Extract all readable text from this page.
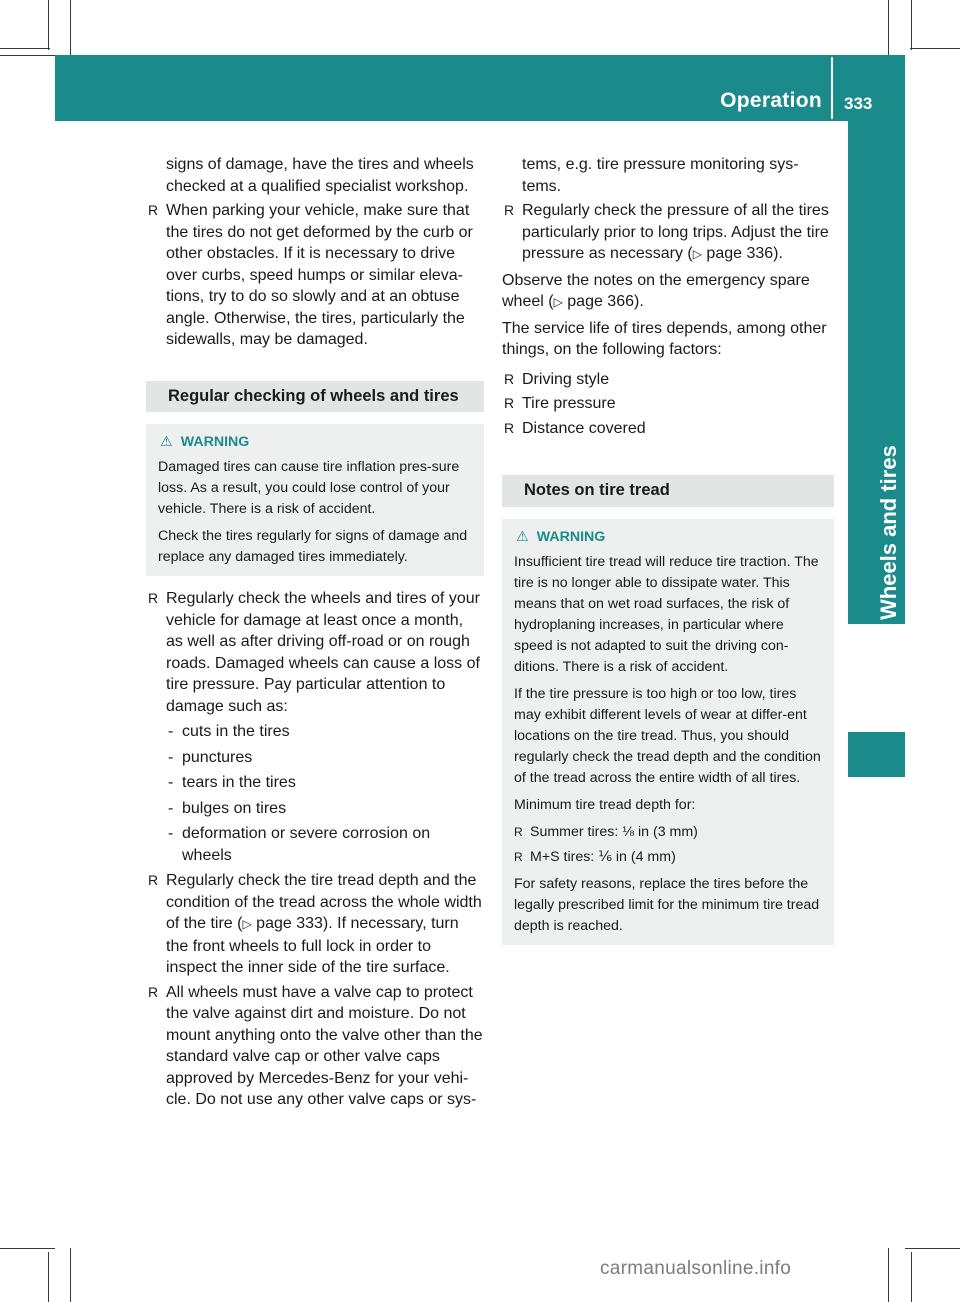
Operation 333
Wheels and tires

signs of damage, have the tires and wheels checked at a qualified specialist workshop.

R When parking your vehicle, make sure that the tires do not get deformed by the curb or other obstacles. If it is necessary to drive over curbs, speed humps or similar eleva-tions, try to do so slowly and at an obtuse angle. Otherwise, the tires, particularly the sidewalls, may be damaged.
Regular checking of wheels and tires
⚠ WARNING

Damaged tires can cause tire inflation pres-sure loss. As a result, you could lose control of your vehicle. There is a risk of accident.

Check the tires regularly for signs of damage and replace any damaged tires immediately.

R Regularly check the wheels and tires of your vehicle for damage at least once a month, as well as after driving off-road or on rough roads. Damaged wheels can cause a loss of tire pressure. Pay particular attention to damage such as:
- cuts in the tires
- punctures
- tears in the tires
- bulges on tires
- deformation or severe corrosion on wheels
R Regularly check the tire tread depth and the condition of the tread across the whole width of the tire (▷ page 333). If necessary, turn the front wheels to full lock in order to inspect the inner side of the tire surface.
R All wheels must have a valve cap to protect the valve against dirt and moisture. Do not mount anything onto the valve other than the standard valve cap or other valve caps approved by Mercedes-Benz for your vehi-cle. Do not use any other valve caps or sys-

tems, e.g. tire pressure monitoring sys-tems.

R Regularly check the pressure of all the tires particularly prior to long trips. Adjust the tire pressure as necessary (▷ page 336).

Observe the notes on the emergency spare wheel (▷ page 366).

The service life of tires depends, among other things, on the following factors:

R Driving style
R Tire pressure
R Distance covered
Notes on tire tread
⚠ WARNING

Insufficient tire tread will reduce tire traction. The tire is no longer able to dissipate water. This means that on wet road surfaces, the risk of hydroplaning increases, in particular where speed is not adapted to suit the driving con-ditions. There is a risk of accident.

If the tire pressure is too high or too low, tires may exhibit different levels of wear at differ-ent locations on the tire tread. Thus, you should regularly check the tread depth and the condition of the tread across the entire width of all tires.

Minimum tire tread depth for:

R Summer tires: ⅛ in (3 mm)
R M+S tires: ⅙ in (4 mm)

For safety reasons, replace the tires before the legally prescribed limit for the minimum tire tread depth is reached.

carmanualsonline.info
